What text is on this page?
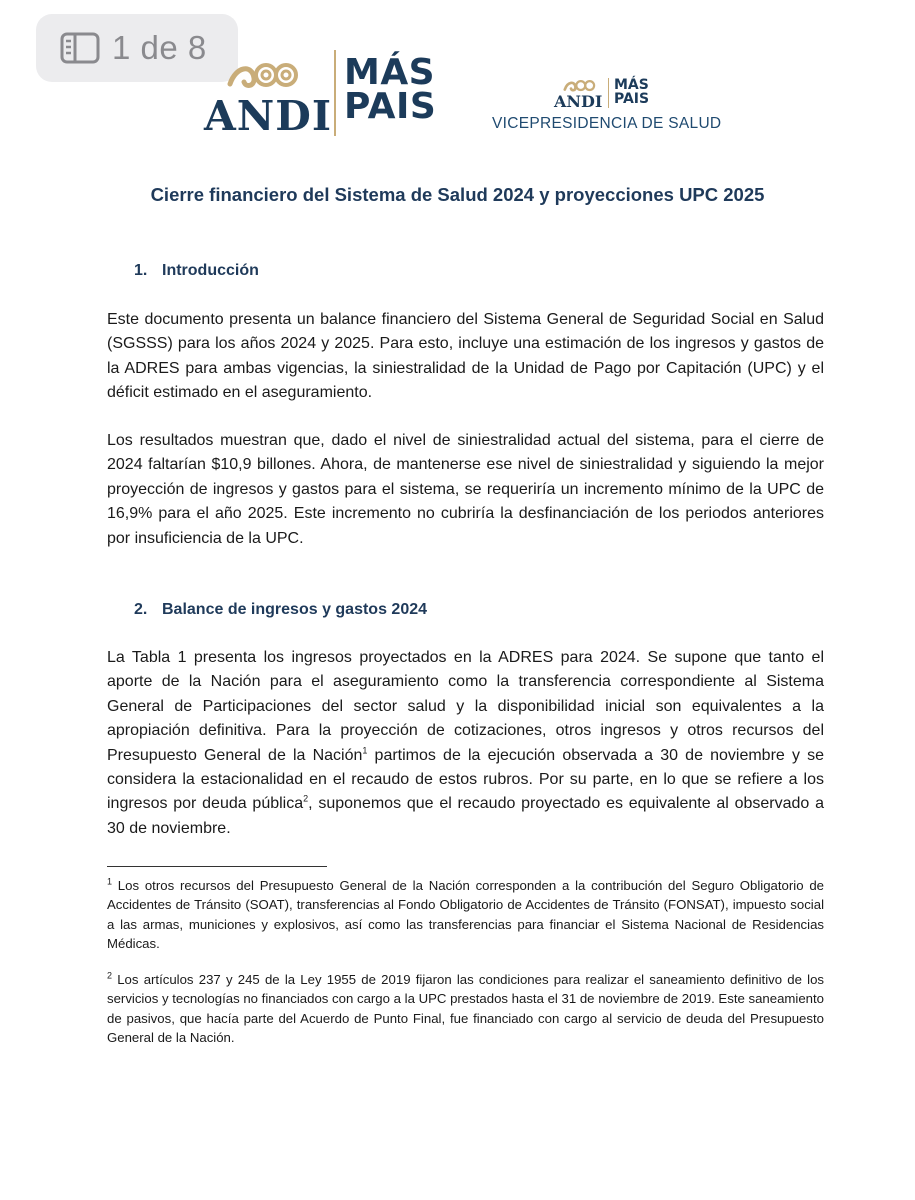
1 de 8
ANDI
MÁS
PAIS	ANDI
MÁS
PAIS
VICEPRESIDENCIA DE SALUD
Cierre financiero del Sistema de Salud 2024 y proyecciones UPC 2025
1. Introducción

Este documento presenta un balance financiero del Sistema General de Seguridad Social en Salud (SGSSS) para los años 2024 y 2025. Para esto, incluye una estimación de los ingresos y gastos de la ADRES para ambas vigencias, la siniestralidad de la Unidad de Pago por Capitación (UPC) y el déficit estimado en el aseguramiento.

Los resultados muestran que, dado el nivel de siniestralidad actual del sistema, para el cierre de 2024 faltarían $10,9 billones. Ahora, de mantenerse ese nivel de siniestralidad y siguiendo la mejor proyección de ingresos y gastos para el sistema, se requeriría un incremento mínimo de la UPC de 16,9% para el año 2025. Este incremento no cubriría la desfinanciación de los periodos anteriores por insuficiencia de la UPC.

2. Balance de ingresos y gastos 2024

La Tabla 1 presenta los ingresos proyectados en la ADRES para 2024. Se supone que tanto el aporte de la Nación para el aseguramiento como la transferencia correspondiente al Sistema General de Participaciones del sector salud y la disponibilidad inicial son equivalentes a la apropiación definitiva. Para la proyección de cotizaciones, otros ingresos y otros recursos del Presupuesto General de la Nación$^1$ partimos de la ejecución observada a 30 de noviembre y se considera la estacionalidad en el recaudo de estos rubros. Por su parte, en lo que se refiere a los ingresos por deuda pública$^2$, suponemos que el recaudo proyectado es equivalente al observado a 30 de noviembre.

$^1$ Los otros recursos del Presupuesto General de la Nación corresponden a la contribución del Seguro Obligatorio de Accidentes de Tránsito (SOAT), transferencias al Fondo Obligatorio de Accidentes de Tránsito (FONSAT), impuesto social a las armas, municiones y explosivos, así como las transferencias para financiar el Sistema Nacional de Residencias Médicas.

$^2$ Los artículos 237 y 245 de la Ley 1955 de 2019 fijaron las condiciones para realizar el saneamiento definitivo de los servicios y tecnologías no financiados con cargo a la UPC prestados hasta el 31 de noviembre de 2019. Este saneamiento de pasivos, que hacía parte del Acuerdo de Punto Final, fue financiado con cargo al servicio de deuda del Presupuesto General de la Nación.
